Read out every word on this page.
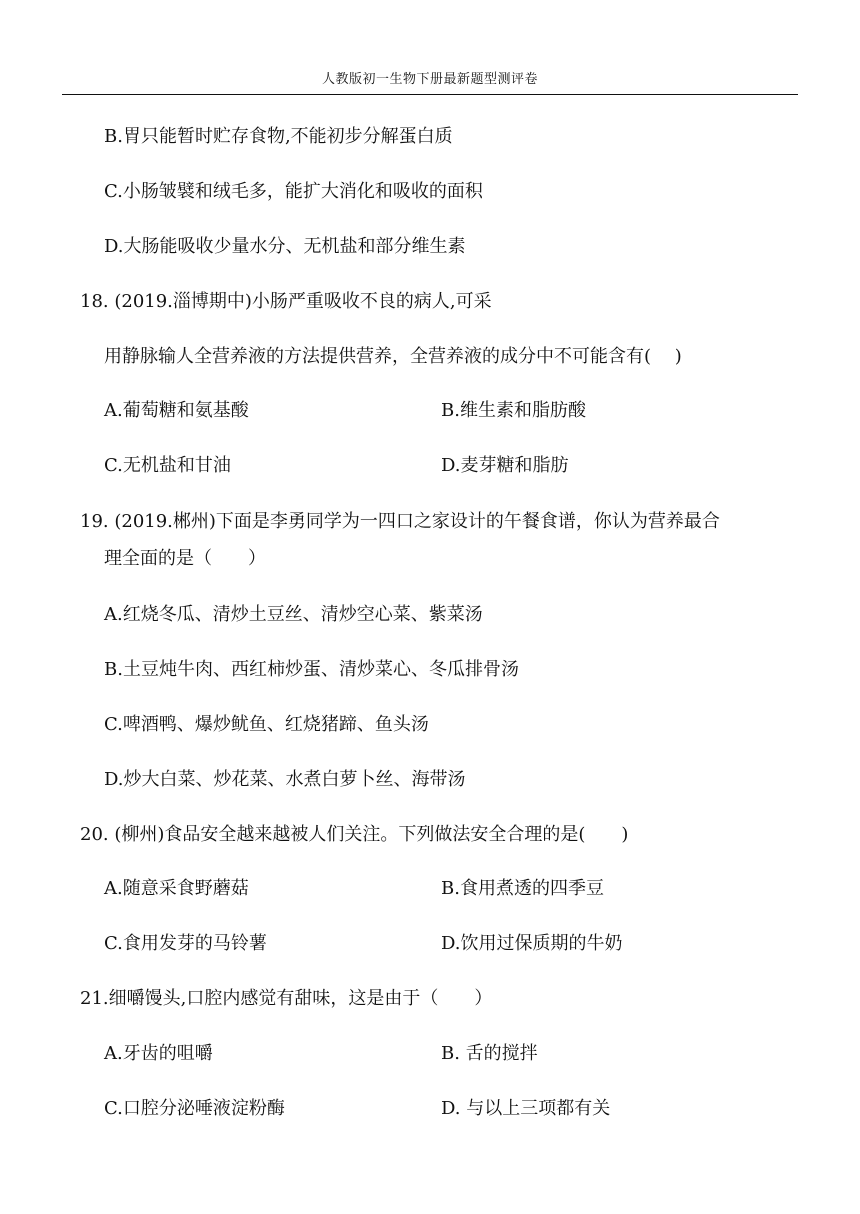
人教版初一生物下册最新题型测评卷
B.胃只能暂时贮存食物,不能初步分解蛋白质
C.小肠皱襞和绒毛多，能扩大消化和吸收的面积
D.大肠能吸收少量水分、无机盐和部分维生素
18. (2019.淄博期中)小肠严重吸收不良的病人,可采
用静脉输人全营养液的方法提供营养，全营养液的成分中不可能含有(　 )
A.葡萄糖和氨基酸	B.维生素和脂肪酸
C.无机盐和甘油	D.麦芽糖和脂肪
19. (2019.郴州)下面是李勇同学为一四口之家设计的午餐食谱，你认为营养最合
理全面的是（　　）
A.红烧冬瓜、清炒土豆丝、清炒空心菜、紫菜汤
B.土豆炖牛肉、西红柿炒蛋、清炒菜心、冬瓜排骨汤
C.啤酒鸭、爆炒鱿鱼、红烧猪蹄、鱼头汤
D.炒大白菜、炒花菜、水煮白萝卜丝、海带汤
20. (柳州)食品安全越来越被人们关注。下列做法安全合理的是(　　)
A.随意采食野蘑菇	B.食用煮透的四季豆
C.食用发芽的马铃薯	D.饮用过保质期的牛奶
21.细嚼馒头,口腔内感觉有甜味，这是由于（　　）
A.牙齿的咀嚼	B. 舌的搅拌
C.口腔分泌唾液淀粉酶	D. 与以上三项都有关
